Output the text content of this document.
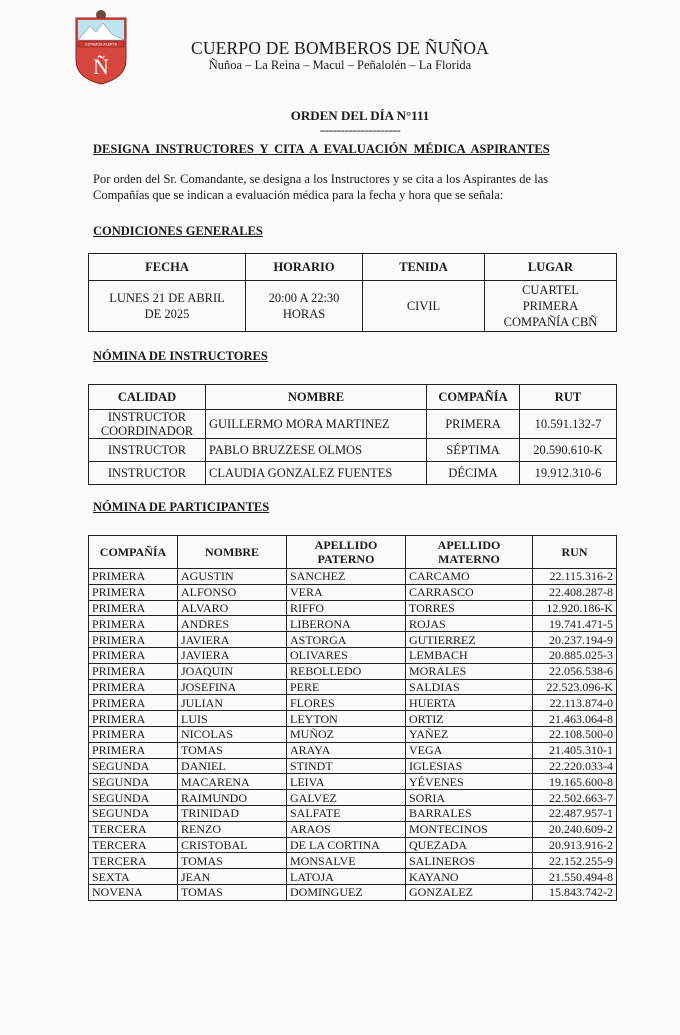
ESTAMOS ALERTA
Ñ
CUERPO DE BOMBEROS DE ÑUÑOA
Ñuñoa – La Reina – Macul – Peñalolén – La Florida
ORDEN DEL DÍA N°111
====================
DESIGNA INSTRUCTORES Y CITA A EVALUACIÓN MÉDICA ASPIRANTES
Por orden del Sr. Comandante, se designa a los Instructores y se cita a los Aspirantes de las Compañías que se indican a evaluación médica para la fecha y hora que se señala:
CONDICIONES GENERALES
FECHA	HORARIO	TENIDA	LUGAR
LUNES 21 DE ABRIL DE 2025	20:00 A 22:30 HORAS	CIVIL	CUARTEL PRIMERA COMPAÑÍA CBÑ
NÓMINA DE INSTRUCTORES
CALIDAD	NOMBRE	COMPAÑÍA	RUT
INSTRUCTOR COORDINADOR	GUILLERMO MORA MARTINEZ	PRIMERA	10.591.132-7
INSTRUCTOR	PABLO BRUZZESE OLMOS	SÉPTIMA	20.590.610-K
INSTRUCTOR	CLAUDIA GONZALEZ FUENTES	DÉCIMA	19.912.310-6
NÓMINA DE PARTICIPANTES
COMPAÑÍA	NOMBRE	APELLIDO PATERNO	APELLIDO MATERNO	RUN
PRIMERA	AGUSTIN	SANCHEZ	CARCAMO	22.115.316-2
PRIMERA	ALFONSO	VERA	CARRASCO	22.408.287-8
PRIMERA	ALVARO	RIFFO	TORRES	12.920.186-K
PRIMERA	ANDRES	LIBERONA	ROJAS	19.741.471-5
PRIMERA	JAVIERA	ASTORGA	GUTIERREZ	20.237.194-9
PRIMERA	JAVIERA	OLIVARES	LEMBACH	20.885.025-3
PRIMERA	JOAQUIN	REBOLLEDO	MORALES	22.056.538-6
PRIMERA	JOSEFINA	PERE	SALDIAS	22.523.096-K
PRIMERA	JULIAN	FLORES	HUERTA	22.113.874-0
PRIMERA	LUIS	LEYTON	ORTIZ	21.463.064-8
PRIMERA	NICOLAS	MUÑOZ	YAÑEZ	22.108.500-0
PRIMERA	TOMAS	ARAYA	VEGA	21.405.310-1
SEGUNDA	DANIEL	STINDT	IGLESIAS	22.220.033-4
SEGUNDA	MACARENA	LEIVA	YÉVENES	19.165.600-8
SEGUNDA	RAIMUNDO	GALVEZ	SORIA	22.502.663-7
SEGUNDA	TRINIDAD	SALFATE	BARRALES	22.487.957-1
TERCERA	RENZO	ARAOS	MONTECINOS	20.240.609-2
TERCERA	CRISTOBAL	DE LA CORTINA	QUEZADA	20.913.916-2
TERCERA	TOMAS	MONSALVE	SALINEROS	22.152.255-9
SEXTA	JEAN	LATOJA	KAYANO	21.550.494-8
NOVENA	TOMAS	DOMINGUEZ	GONZALEZ	15.843.742-2
